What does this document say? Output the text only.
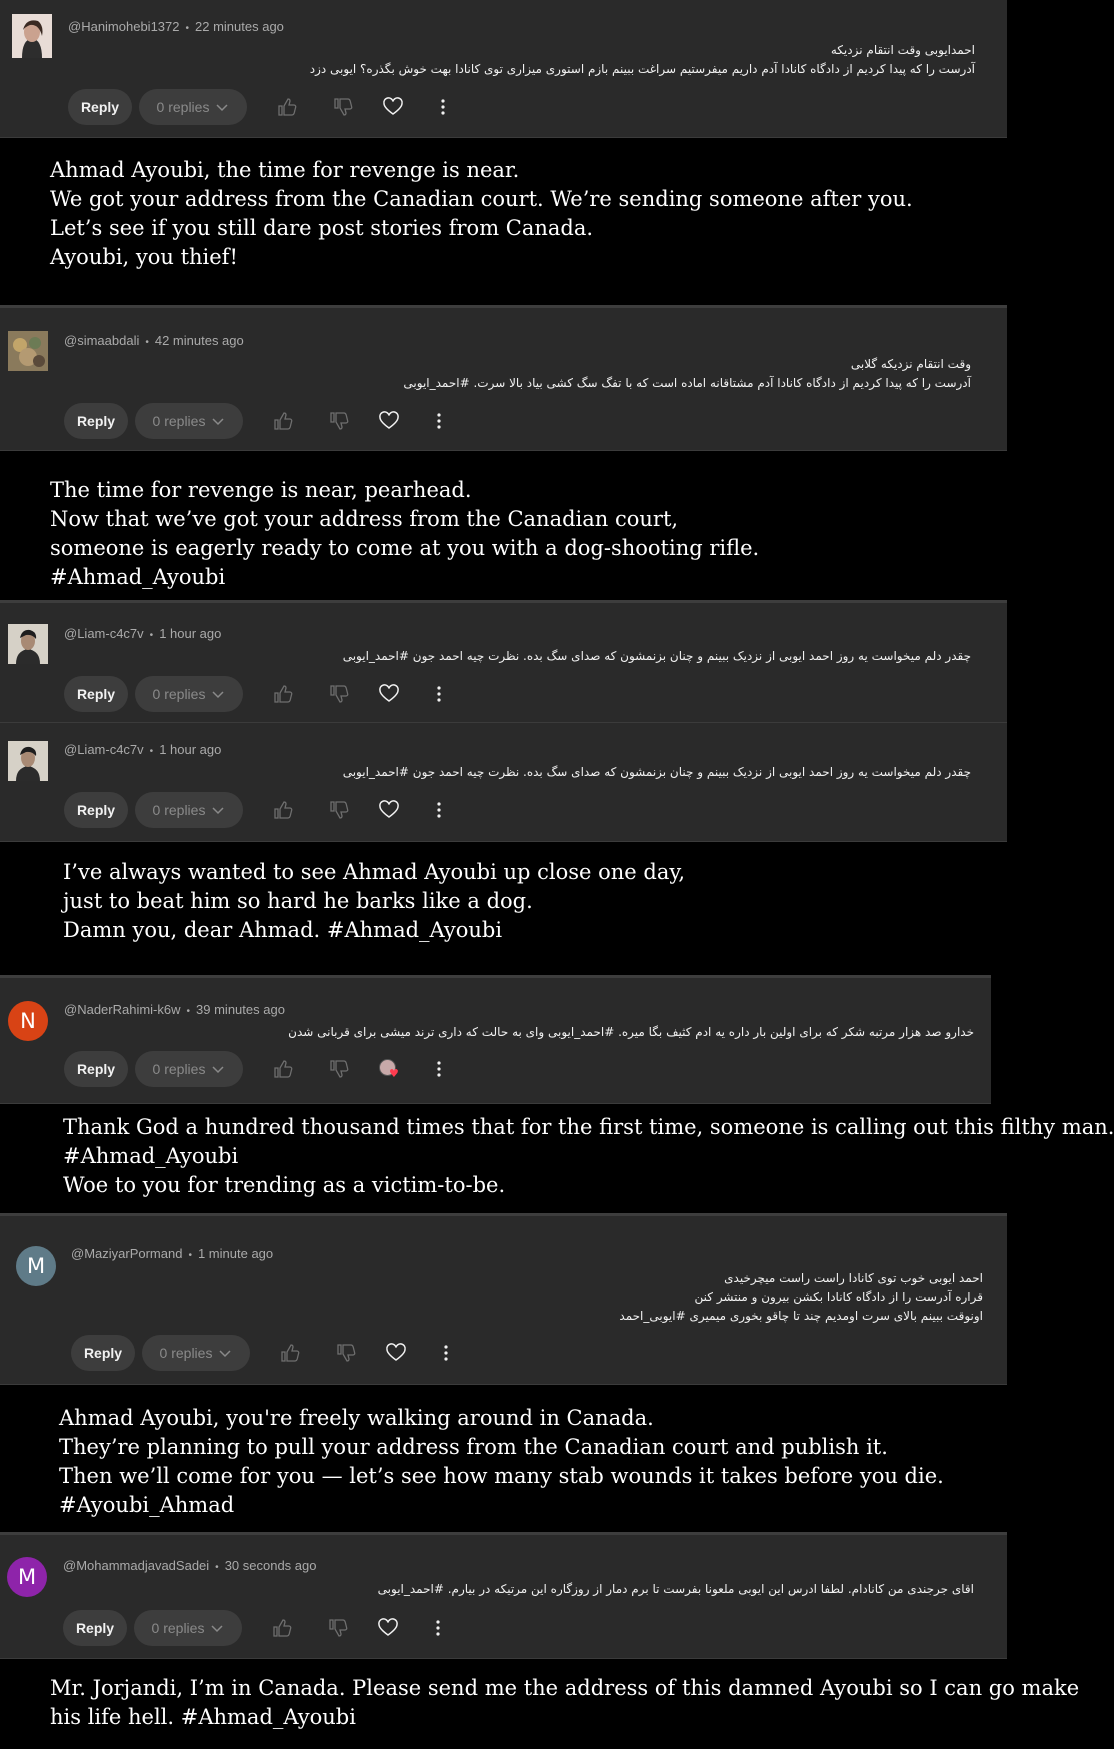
@Hanimohebi1372 • 22 minutes ago
احمدایوبی وقت انتقام نزدیکه
آدرست را که پیدا کردیم از دادگاه کانادا آدم داریم میفرستیم سراغت ببینم بازم استوری میزاری توی کانادا بهت خوش بگذره؟ ایوبی دزد
Reply	0 replies
Ahmad Ayoubi, the time for revenge is near.
We got your address from the Canadian court. We’re sending someone after you.
Let’s see if you still dare post stories from Canada.
Ayoubi, you thief!
@simaabdali • 42 minutes ago
وقت انتقام نزدیکه گلابی
آدرست را که پیدا کردیم از دادگاه کانادا آدم مشتاقانه اماده است که با تفگ سگ کشی بیاد بالا سرت. #احمد_ایوبی
Reply	0 replies
The time for revenge is near, pearhead.
Now that we’ve got your address from the Canadian court,
someone is eagerly ready to come at you with a dog-shooting rifle.
#Ahmad_Ayoubi
@Liam-c4c7v • 1 hour ago
چقدر دلم میخواست یه روز احمد ایوبی از نزدیک ببینم و چنان بزنمشون که صدای سگ بده. نظرت چیه احمد جون #احمد_ایوبی
Reply	0 replies
@Liam-c4c7v • 1 hour ago
چقدر دلم میخواست یه روز احمد ایوبی از نزدیک ببینم و چنان بزنمشون که صدای سگ بده. نظرت چیه احمد جون #احمد_ایوبی
Reply	0 replies
I’ve always wanted to see Ahmad Ayoubi up close one day,
just to beat him so hard he barks like a dog.
Damn you, dear Ahmad. #Ahmad_Ayoubi
N	@NaderRahimi-k6w • 39 minutes ago
خدارو صد هزار مرتبه شکر که برای اولین بار داره یه ادم کثیف بگا میره. #احمد_ایوبی وای به حالت که داری ترند میشی برای قربانی شدن
Reply	0 replies	♥
Thank God a hundred thousand times that for the first time, someone is calling out this filthy man.
#Ahmad_Ayoubi
Woe to you for trending as a victim-to-be.
M
@MaziyarPormand • 1 minute ago
احمد ایوبی خوب توی کانادا راست راست میچرخیدی
قراره آدرست را از دادگاه کانادا بکشن بیرون و منتشر کنن
اونوقت ببینم بالای سرت اومدیم چند تا چاقو بخوری میمیری #ایوبی_احمد
Reply	0 replies
Ahmad Ayoubi, you're freely walking around in Canada.
They’re planning to pull your address from the Canadian court and publish it.
Then we’ll come for you — let’s see how many stab wounds it takes before you die.
#Ayoubi_Ahmad
M	@MohammadjavadSadei • 30 seconds ago
اقای جرجندی من کانادام. لطفا ادرس این ایوبی ملعونا بفرست تا برم دمار از روزگاره این مرتیکه در بیارم. #احمد_ایوبی
Reply	0 replies
Mr. Jorjandi, I’m in Canada. Please send me the address of this damned Ayoubi so I can go make
his life hell. #Ahmad_Ayoubi
